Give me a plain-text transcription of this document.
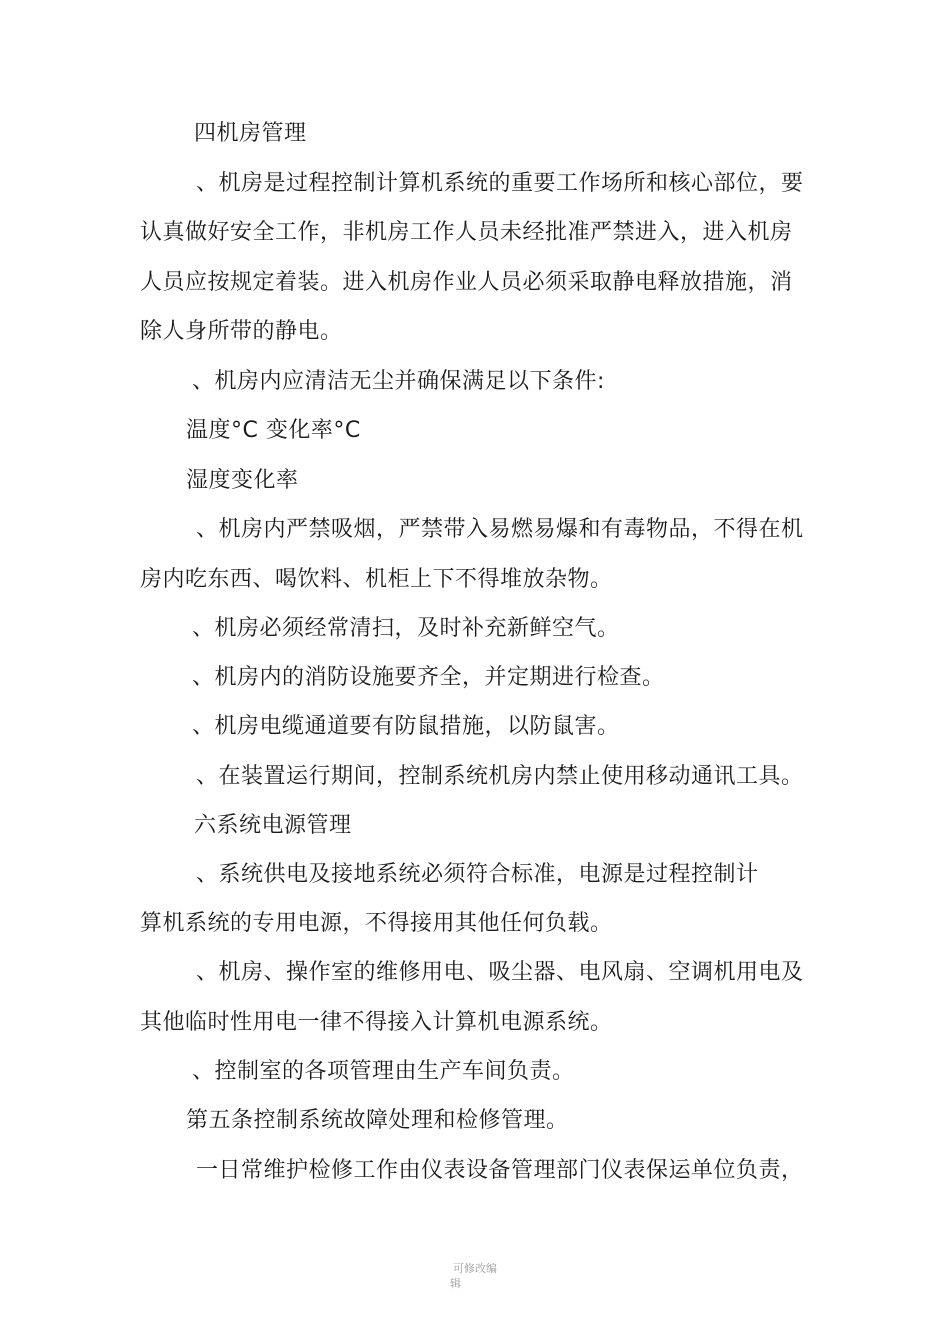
四机房管理
、机房是过程控制计算机系统的重要工作场所和核心部位，要
认真做好安全工作，非机房工作人员未经批准严禁进入，进入机房
人员应按规定着装。进入机房作业人员必须采取静电释放措施，消
除人身所带的静电。
、机房内应清洁无尘并确保满足以下条件:
温度°C 变化率°C
湿度变化率
、机房内严禁吸烟，严禁带入易燃易爆和有毒物品，不得在机
房内吃东西、喝饮料、机柜上下不得堆放杂物。
、机房必须经常清扫，及时补充新鲜空气。
、机房内的消防设施要齐全，并定期进行检查。
、机房电缆通道要有防鼠措施，以防鼠害。
、在装置运行期间，控制系统机房内禁止使用移动通讯工具。
六系统电源管理
、系统供电及接地系统必须符合标准，电源是过程控制计
算机系统的专用电源，不得接用其他任何负载。
、机房、操作室的维修用电、吸尘器、电风扇、空调机用电及
其他临时性用电一律不得接入计算机电源系统。
、控制室的各项管理由生产车间负责。
第五条控制系统故障处理和检修管理。
一日常维护检修工作由仪表设备管理部门仪表保运单位负责，
可修改编
辑
